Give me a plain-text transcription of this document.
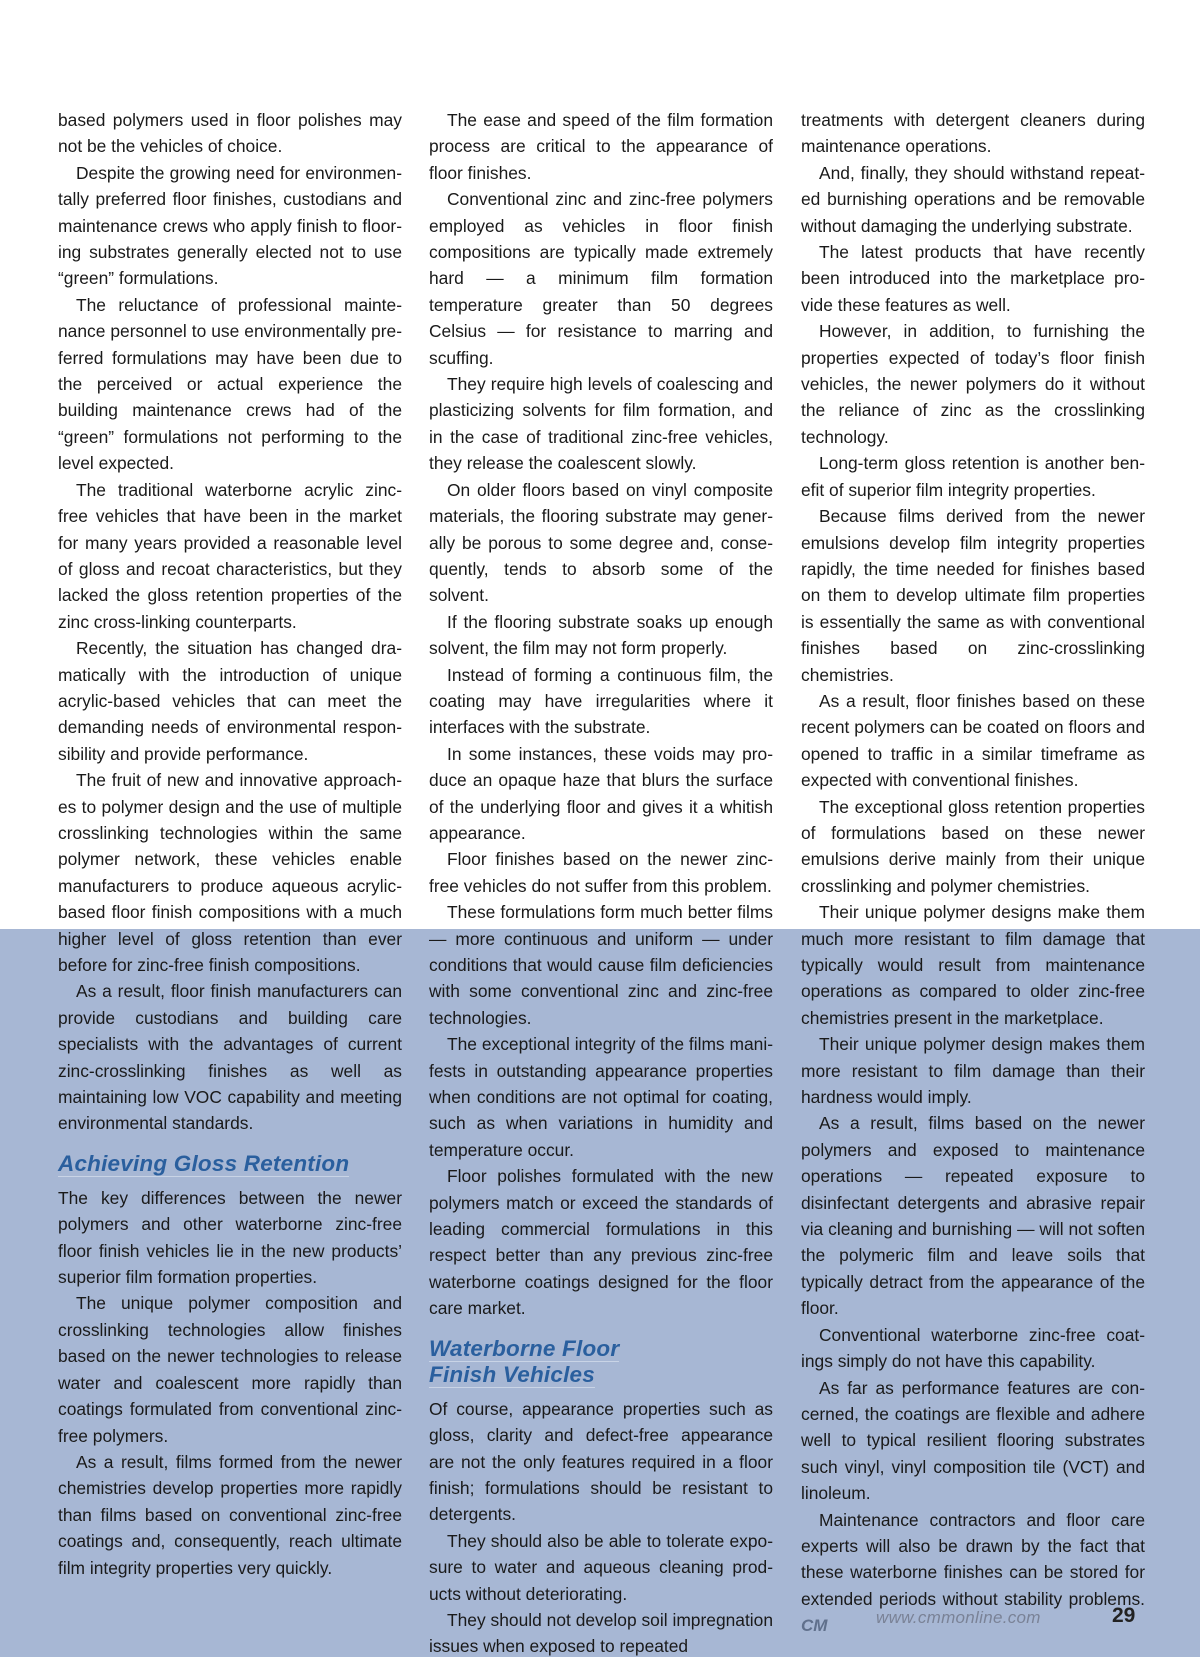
based polymers used in floor polishes may not be the vehicles of choice.

Despite the growing need for environmentally preferred floor finishes, custodians and maintenance crews who apply finish to flooring substrates generally elected not to use “green” formulations.

The reluctance of professional maintenance personnel to use environmentally preferred formulations may have been due to the perceived or actual experience the building maintenance crews had of the “green” formulations not performing to the level expected.

The traditional waterborne acrylic zinc-free vehicles that have been in the market for many years provided a reasonable level of gloss and recoat characteristics, but they lacked the gloss retention properties of the zinc cross-linking counterparts.

Recently, the situation has changed dramatically with the introduction of unique acrylic-based vehicles that can meet the demanding needs of environmental responsibility and provide performance.

The fruit of new and innovative approaches to polymer design and the use of multiple crosslinking technologies within the same polymer network, these vehicles enable manufacturers to produce aqueous acrylic-based floor finish compositions with a much higher level of gloss retention than ever before for zinc-free finish compositions.

As a result, floor finish manufacturers can provide custodians and building care specialists with the advantages of current zinc-crosslinking finishes as well as maintaining low VOC capability and meeting environmental standards.

Achieving Gloss Retention

The key differences between the newer polymers and other waterborne zinc-free floor finish vehicles lie in the new products’ superior film formation properties.

The unique polymer composition and crosslinking technologies allow finishes based on the newer technologies to release water and coalescent more rapidly than coatings formulated from conventional zinc-free polymers.

As a result, films formed from the newer chemistries develop properties more rapidly than films based on conventional zinc-free coatings and, consequently, reach ultimate film integrity properties very quickly.

The ease and speed of the film formation process are critical to the appearance of floor finishes.

Conventional zinc and zinc-free polymers employed as vehicles in floor finish compositions are typically made extremely hard — a minimum film formation temperature greater than 50 degrees Celsius — for resistance to marring and scuffing.

They require high levels of coalescing and plasticizing solvents for film formation, and in the case of traditional zinc-free vehicles, they release the coalescent slowly.

On older floors based on vinyl composite materials, the flooring substrate may generally be porous to some degree and, consequently, tends to absorb some of the solvent.

If the flooring substrate soaks up enough solvent, the film may not form properly.

Instead of forming a continuous film, the coating may have irregularities where it interfaces with the substrate.

In some instances, these voids may produce an opaque haze that blurs the surface of the underlying floor and gives it a whitish appearance.

Floor finishes based on the newer zinc-free vehicles do not suffer from this problem.

These formulations form much better films — more continuous and uniform — under conditions that would cause film deficiencies with some conventional zinc and zinc-free technologies.

The exceptional integrity of the films manifests in outstanding appearance properties when conditions are not optimal for coating, such as when variations in humidity and temperature occur.

Floor polishes formulated with the new polymers match or exceed the standards of leading commercial formulations in this respect better than any previous zinc-free waterborne coatings designed for the floor care market.

Waterborne Floor
Finish Vehicles

Of course, appearance properties such as gloss, clarity and defect-free appearance are not the only features required in a floor finish; formulations should be resistant to detergents.

They should also be able to tolerate exposure to water and aqueous cleaning products without deteriorating.

They should not develop soil impregnation issues when exposed to repeated

treatments with detergent cleaners during maintenance operations.

And, finally, they should withstand repeated burnishing operations and be removable without damaging the underlying substrate.

The latest products that have recently been introduced into the marketplace provide these features as well.

However, in addition, to furnishing the properties expected of today’s floor finish vehicles, the newer polymers do it without the reliance of zinc as the crosslinking technology.

Long-term gloss retention is another benefit of superior film integrity properties.

Because films derived from the newer emulsions develop film integrity properties rapidly, the time needed for finishes based on them to develop ultimate film properties is essentially the same as with conventional finishes based on zinc-crosslinking chemistries.

As a result, floor finishes based on these recent polymers can be coated on floors and opened to traffic in a similar timeframe as expected with conventional finishes.

The exceptional gloss retention properties of formulations based on these newer emulsions derive mainly from their unique crosslinking and polymer chemistries.

Their unique polymer designs make them much more resistant to film damage that typically would result from maintenance operations as compared to older zinc-free chemistries present in the marketplace.

Their unique polymer design makes them more resistant to film damage than their hardness would imply.

As a result, films based on the newer polymers and exposed to maintenance operations — repeated exposure to disinfectant detergents and abrasive repair via cleaning and burnishing — will not soften the polymeric film and leave soils that typically detract from the appearance of the floor.

Conventional waterborne zinc-free coatings simply do not have this capability.

As far as performance features are concerned, the coatings are flexible and adhere well to typical resilient flooring substrates such vinyl, vinyl composition tile (VCT) and linoleum.

Maintenance contractors and floor care experts will also be drawn by the fact that these waterborne finishes can be stored for extended periods without stability problems. CM	www.cmmonline.com	29
